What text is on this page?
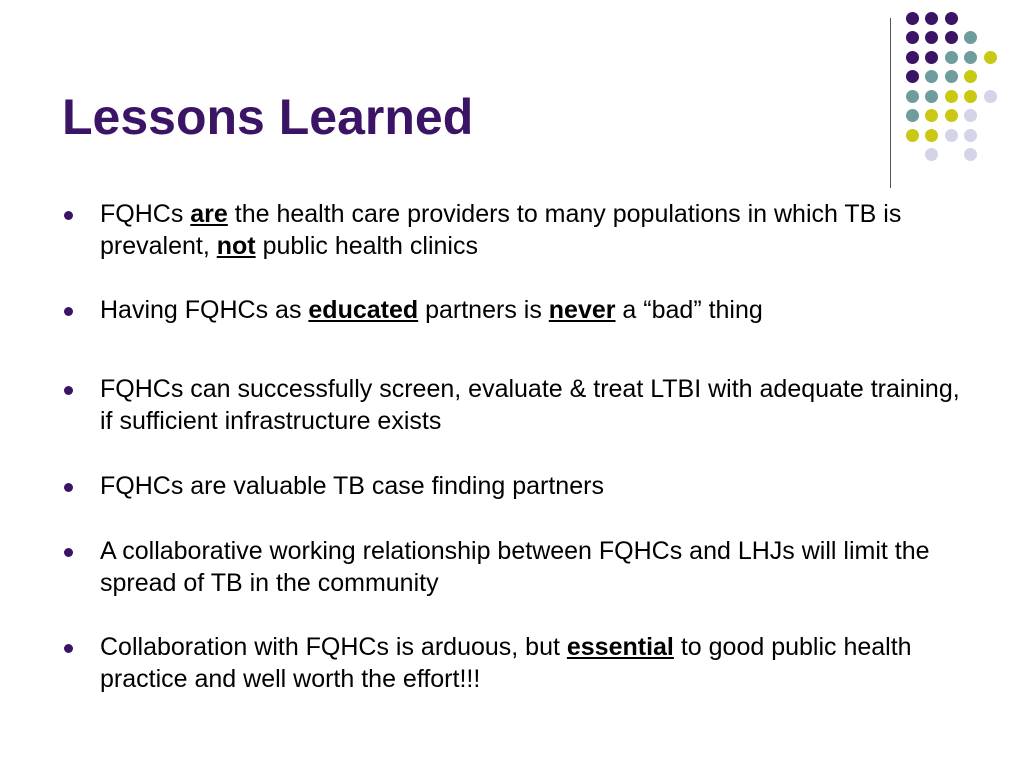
Lessons Learned
FQHCs are the health care providers to many populations in which TB is prevalent, not public health clinics
Having FQHCs as educated partners is never a “bad” thing
FQHCs can successfully screen, evaluate & treat LTBI with adequate training, if sufficient infrastructure exists
FQHCs are valuable TB case finding partners
A collaborative working relationship between FQHCs and LHJs will limit the spread of TB in the community
Collaboration with FQHCs is arduous, but essential to good public health practice and well worth the effort!!!
